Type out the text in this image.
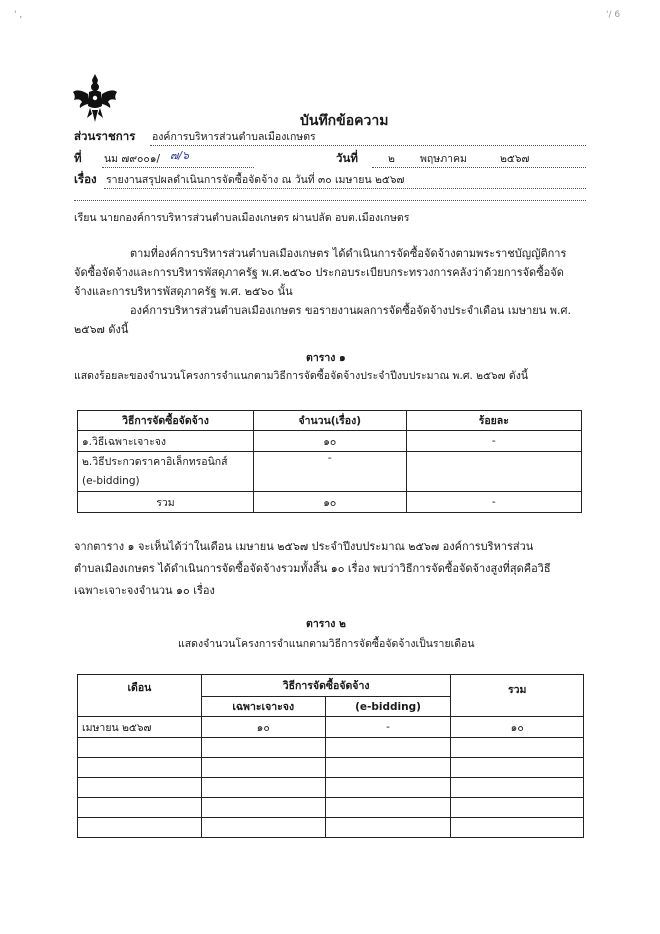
' ,	'/ 6
บันทึกข้อความ
ส่วนราชการ องค์การบริหารส่วนตำบลเมืองเกษตร
ที่ นม ๗๙๐๐๑/ ๗/๖	วันที่	๒ พฤษภาคม	๒๕๖๗
เรื่อง รายงานสรุปผลดำเนินการจัดซื้อจัดจ้าง ณ วันที่ ๓๐ เมษายน ๒๕๖๗
เรียน นายกองค์การบริหารส่วนตำบลเมืองเกษตร ผ่านปลัด อบต.เมืองเกษตร
ตามที่องค์การบริหารส่วนตำบลเมืองเกษตร ได้ดำเนินการจัดซื้อจัดจ้างตามพระราชบัญญัติการ
จัดซื้อจัดจ้างและการบริหารพัสดุภาครัฐ พ.ศ.๒๕๖๐ ประกอบระเบียบกระทรวงการคลังว่าด้วยการจัดซื้อจัด
จ้างและการบริหารพัสดุภาครัฐ พ.ศ. ๒๕๖๐ นั้น
องค์การบริหารส่วนตำบลเมืองเกษตร ขอรายงานผลการจัดซื้อจัดจ้างประจำเดือน เมษายน พ.ศ.
๒๕๖๗ ดังนี้
ตาราง ๑
แสดงร้อยละของจำนวนโครงการจำแนกตามวิธีการจัดซื้อจัดจ้างประจำปีงบประมาณ พ.ศ. ๒๕๖๗ ดังนี้
วิธีการจัดซื้อจัดจ้าง	จำนวน(เรื่อง)	ร้อยละ
๑.วิธีเฉพาะเจาะจง	๑๐	-
๒.วิธีประกวดราคาอิเล็กทรอนิกส์	-	
(e-bidding)		
รวม	๑๐	-
จากตาราง ๑ จะเห็นได้ว่าในเดือน เมษายน ๒๕๖๗ ประจำปีงบประมาณ ๒๕๖๗ องค์การบริหารส่วน
ตำบลเมืองเกษตร ได้ดำเนินการจัดซื้อจัดจ้างรวมทั้งสิ้น ๑๐ เรื่อง พบว่าวิธีการจัดซื้อจัดจ้างสูงที่สุดคือวิธี
เฉพาะเจาะจงจำนวน ๑๐ เรื่อง
ตาราง ๒
แสดงจำนวนโครงการจำแนกตามวิธีการจัดซื้อจัดจ้างเป็นรายเดือน
เดือน	วิธีการจัดซื้อจัดจ้าง		รวม
	เฉพาะเจาะจง	(e-bidding)	
เมษายน ๒๕๖๗	๑๐	-	๑๐
